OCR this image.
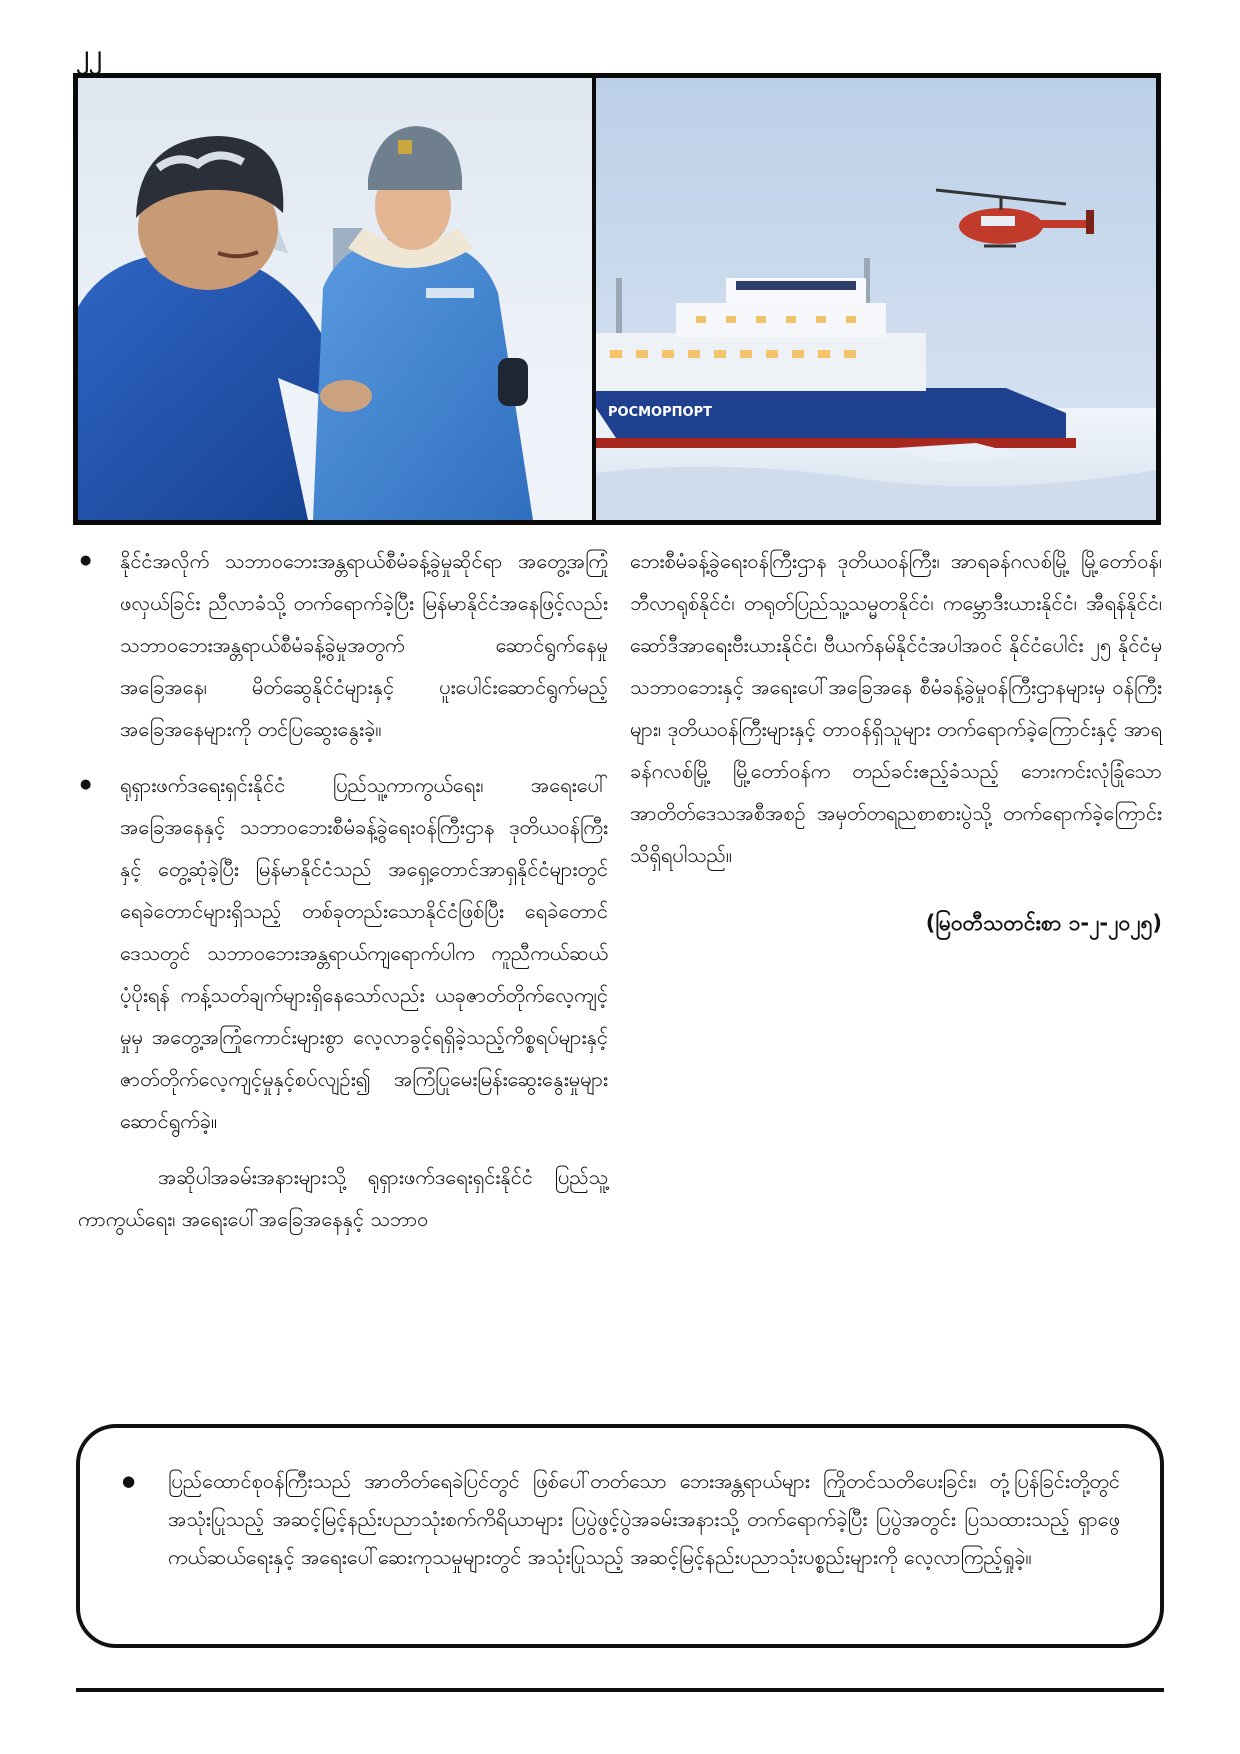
၂၂
РОСМОРПОРТ

● နိုင်ငံအလိုက် သဘာဝဘေးအန္တရာယ်စီမံခန့်ခွဲမှုဆိုင်ရာ အတွေ့အကြုံဖလှယ်ခြင်း ညီလာခံသို့ တက်ရောက်ခဲ့ပြီး မြန်မာနိုင်ငံအနေဖြင့်လည်း သဘာဝဘေးအန္တရာယ်စီမံခန့်ခွဲမှုအတွက် ဆောင်ရွက်နေမှုအခြေအနေ၊ မိတ်ဆွေနိုင်ငံများနှင့် ပူးပေါင်းဆောင်ရွက်မည့် အခြေအနေများကို တင်ပြဆွေးနွေးခဲ့။

● ရုရှားဖက်ဒရေးရှင်းနိုင်ငံ ပြည်သူ့ကာကွယ်ရေး၊ အရေးပေါ်အခြေအနေနှင့် သဘာဝဘေးစီမံခန့်ခွဲရေးဝန်ကြီးဌာန ဒုတိယဝန်ကြီးနှင့် တွေ့ဆုံခဲ့ပြီး မြန်မာနိုင်ငံသည် အရှေ့တောင်အာရှနိုင်ငံများတွင် ရေခဲတောင်များရှိသည့် တစ်ခုတည်းသောနိုင်ငံဖြစ်ပြီး ရေခဲတောင်ဒေသတွင် သဘာဝဘေးအန္တရာယ်ကျရောက်ပါက ကူညီကယ်ဆယ်ပံ့ပိုးရန် ကန့်သတ်ချက်များရှိနေသော်လည်း ယခုဇာတ်တိုက်လေ့ကျင့်မှုမှ အတွေ့အကြုံကောင်းများစွာ လေ့လာခွင့်ရရှိခဲ့သည့်ကိစ္စရပ်များနှင့် ဇာတ်တိုက်လေ့ကျင့်မှုနှင့်စပ်လျဉ်း၍ အကြံပြုမေးမြန်းဆွေးနွေးမှုများ ဆောင်ရွက်ခဲ့။

အဆိုပါအခမ်းအနားများသို့ ရုရှားဖက်ဒရေးရှင်းနိုင်ငံ ပြည်သူ့ကာကွယ်ရေး၊ အရေးပေါ်အခြေအနေနှင့် သဘာဝ

ဘေးစီမံခန့်ခွဲရေးဝန်ကြီးဌာန ဒုတိယဝန်ကြီး၊ အာရခန်ဂလစ်မြို့ မြို့တော်ဝန်၊ ဘီလာရုစ်နိုင်ငံ၊ တရုတ်ပြည်သူ့သမ္မတနိုင်ငံ၊ ကမ္ဘောဒီးယားနိုင်ငံ၊ အီရန်နိုင်ငံ၊ ဆော်ဒီအာရေးဗီးယားနိုင်ငံ၊ ဗီယက်နမ်နိုင်ငံအပါအဝင် နိုင်ငံပေါင်း ၂၅ နိုင်ငံမှ သဘာဝဘေးနှင့် အရေးပေါ်အခြေအနေ စီမံခန့်ခွဲမှုဝန်ကြီးဌာနများမှ ဝန်ကြီးများ၊ ဒုတိယဝန်ကြီးများနှင့် တာဝန်ရှိသူများ တက်ရောက်ခဲ့ကြောင်းနှင့် အာရခန်ဂလစ်မြို့ မြို့တော်ဝန်က တည်ခင်းဧည့်ခံသည့် ဘေးကင်းလုံခြုံသော အာတိတ်ဒေသအစီအစဉ် အမှတ်တရညစာစားပွဲသို့ တက်ရောက်ခဲ့ကြောင်း သိရှိရပါသည်။

(မြဝတီသတင်းစာ ၁-၂-၂၀၂၅)

● ပြည်ထောင်စုဝန်ကြီးသည် အာတိတ်ရေခဲပြင်တွင် ဖြစ်ပေါ်တတ်သော ဘေးအန္တရာယ်များ ကြိုတင်သတိပေးခြင်း၊ တုံ့ပြန်ခြင်းတို့တွင် အသုံးပြုသည့် အဆင့်မြင့်နည်းပညာသုံးစက်ကိရိယာများ ပြပွဲဖွင့်ပွဲအခမ်းအနားသို့ တက်ရောက်ခဲ့ပြီး ပြပွဲအတွင်း ပြသထားသည့် ရှာဖွေကယ်ဆယ်ရေးနှင့် အရေးပေါ်ဆေးကုသမှုများတွင် အသုံးပြုသည့် အဆင့်မြင့်နည်းပညာသုံးပစ္စည်းများကို လေ့လာကြည့်ရှုခဲ့။
